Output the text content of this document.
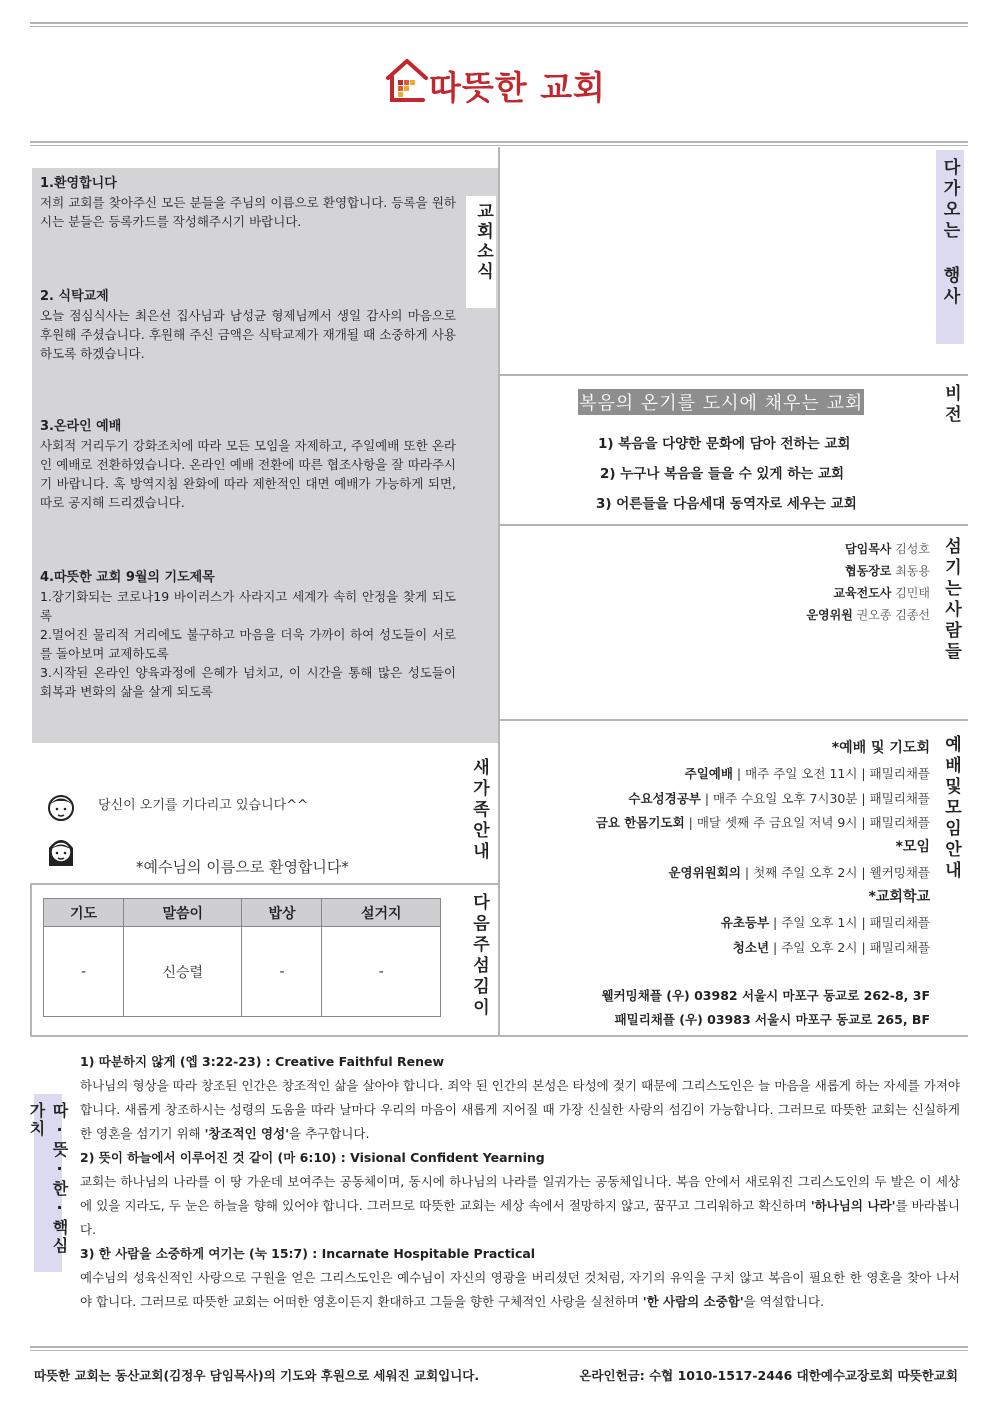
따뜻한 교회
교회소식
1.환영합니다

저희 교회를 찾아주신 모든 분들을 주님의 이름으로 환영합니다. 등록을 원하시는 분들은 등록카드를 작성해주시기 바랍니다.

2. 식탁교제

오늘 점심식사는 최은선 집사님과 남성균 형제님께서 생일 감사의 마음으로 후원해 주셨습니다. 후원해 주신 금액은 식탁교제가 재개될 때 소중하게 사용하도록 하겠습니다.

3.온라인 예배

사회적 거리두기 강화조치에 따라 모든 모임을 자제하고, 주일예배 또한 온라인 예배로 전환하였습니다. 온라인 예배 전환에 따른 협조사항을 잘 따라주시기 바랍니다. 혹 방역지침 완화에 따라 제한적인 대면 예배가 가능하게 되면, 따로 공지해 드리겠습니다.

4.따뜻한 교회 9월의 기도제목

1.장기화되는 코로나19 바이러스가 사라지고 세계가 속히 안정을 찾게 되도록
2.멀어진 물리적 거리에도 불구하고 마음을 더욱 가까이 하여 성도들이 서로를 돌아보며 교제하도록
3.시작된 온라인 양육과정에 은혜가 넘치고, 이 시간을 통해 많은 성도들이 회복과 변화의 삶을 살게 되도록

다가오는 행사
복음의 온기를 도시에 채우는 교회	비전
1) 복음을 다양한 문화에 담아 전하는 교회
2) 누구나 복음을 들을 수 있게 하는 교회
3) 어른들을 다음세대 동역자로 세우는 교회
섬기는사람들
담임목사 김성호
협동장로 최동용
교육전도사 김민태
운영위원 권오종 김종선
예배및모임안내
*예배 및 기도회
주일예배 | 매주 주일 오전 11시 | 패밀리채플
수요성경공부 | 매주 수요일 오후 7시30분 | 패밀리채플
금요 한몸기도회 | 매달 셋째 주 금요일 저녁 9시 | 패밀리채플
*모임
운영위원회의 | 첫째 주일 오후 2시 | 웰커밍채플
*교회학교
유초등부 | 주일 오후 1시 | 패밀리채플
청소년 | 주일 오후 2시 | 패밀리채플
웰커밍채플 (우) 03982 서울시 마포구 동교로 262-8, 3F
패밀리채플 (우) 03983 서울시 마포구 동교로 265, BF
당신이 오기를 기다리고 있습니다^^
*예수님의 이름으로 환영합니다*
새가족안내
기도	말씀이	밥상	설거지
-	신승렬	-	-	다음주섬김이
따·뜻·한·핵심가치
1) 따분하지 않게 (엡 3:22-23) : Creative Faithful Renew

하나님의 형상을 따라 창조된 인간은 창조적인 삶을 살아야 합니다. 죄악 된 인간의 본성은 타성에 젖기 때문에 그리스도인은 늘 마음을 새롭게 하는 자세를 가져야합니다. 새롭게 창조하시는 성령의 도움을 따라 날마다 우리의 마음이 새롭게 지어질 때 가장 신실한 사랑의 섬김이 가능합니다. 그러므로 따뜻한 교회는 신실하게 한 영혼을 섬기기 위해 '창조적인 영성'을 추구합니다.

2) 뜻이 하늘에서 이루어진 것 같이 (마 6:10) : Visional Confident Yearning

교회는 하나님의 나라를 이 땅 가운데 보여주는 공동체이며, 동시에 하나님의 나라를 일궈가는 공동체입니다. 복음 안에서 새로워진 그리스도인의 두 발은 이 세상에 있을 지라도, 두 눈은 하늘을 향해 있어야 합니다. 그러므로 따뜻한 교회는 세상 속에서 절망하지 않고, 꿈꾸고 그리워하고 확신하며 '하나님의 나라'를 바라봅니다.

3) 한 사람을 소중하게 여기는 (눅 15:7) : Incarnate Hospitable Practical

예수님의 성육신적인 사랑으로 구원을 얻은 그리스도인은 예수님이 자신의 영광을 버리셨던 것처럼, 자기의 유익을 구치 않고 복음이 필요한 한 영혼을 찾아 나서야 합니다. 그러므로 따뜻한 교회는 어떠한 영혼이든지 환대하고 그들을 향한 구체적인 사랑을 실천하며 '한 사람의 소중함'을 역설합니다.

따뜻한 교회는 동산교회(김정우 담임목사)의 기도와 후원으로 세워진 교회입니다.	온라인헌금: 수협 1010-1517-2446 대한예수교장로회 따뜻한교회
